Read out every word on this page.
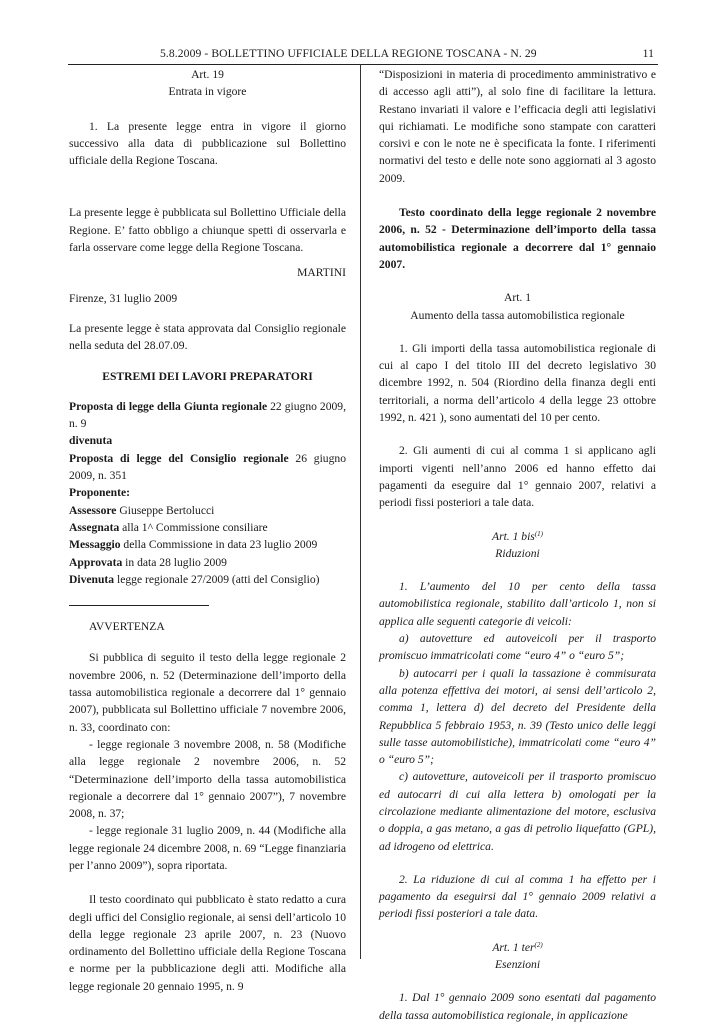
5.8.2009 - BOLLETTINO UFFICIALE DELLA REGIONE TOSCANA - N. 29	11

Art. 19

Entrata in vigore

1. La presente legge entra in vigore il giorno successivo alla data di pubblicazione sul Bollettino ufficiale della Regione Toscana.

La presente legge è pubblicata sul Bollettino Ufficiale della Regione. E’ fatto obbligo a chiunque spetti di osservarla e farla osservare come legge della Regione Toscana.

MARTINI

Firenze, 31 luglio 2009

La presente legge è stata approvata dal Consiglio regionale nella seduta del 28.07.09.

ESTREMI DEI LAVORI PREPARATORI

Proposta di legge della Giunta regionale 22 giugno 2009, n. 9

divenuta

Proposta di legge del Consiglio regionale 26 giugno 2009, n. 351

Proponente:

Assessore Giuseppe Bertolucci

Assegnata alla 1^ Commissione consiliare

Messaggio della Commissione in data 23 luglio 2009

Approvata in data 28 luglio 2009

Divenuta legge regionale 27/2009 (atti del Consiglio)

AVVERTENZA

Si pubblica di seguito il testo della legge regionale 2 novembre 2006, n. 52 (Determinazione dell’importo della tassa automobilistica regionale a decorrere dal 1° gennaio 2007), pubblicata sul Bollettino ufficiale 7 novembre 2006, n. 33, coordinato con:

- legge regionale 3 novembre 2008, n. 58 (Modifiche alla legge regionale 2 novembre 2006, n. 52 “Determinazione dell’importo della tassa automobilistica regionale a decorrere dal 1° gennaio 2007”), 7 novembre 2008, n. 37;

- legge regionale 31 luglio 2009, n. 44 (Modifiche alla legge regionale 24 dicembre 2008, n. 69 “Legge finanziaria per l’anno 2009”), sopra riportata.

Il testo coordinato qui pubblicato è stato redatto a cura degli uffici del Consiglio regionale, ai sensi dell’articolo 10 della legge regionale 23 aprile 2007, n. 23 (Nuovo ordinamento del Bollettino ufficiale della Regione Toscana e norme per la pubblicazione degli atti. Modifiche alla legge regionale 20 gennaio 1995, n. 9

“Disposizioni in materia di procedimento amministrativo e di accesso agli atti”), al solo fine di facilitare la lettura. Restano invariati il valore e l’efficacia degli atti legislativi qui richiamati. Le modifiche sono stampate con caratteri corsivi e con le note ne è specificata la fonte. I riferimenti normativi del testo e delle note sono aggiornati al 3 agosto 2009.

Testo coordinato della legge regionale 2 novembre 2006, n. 52 - Determinazione dell’importo della tassa automobilistica regionale a decorrere dal 1° gennaio 2007.

Art. 1

Aumento della tassa automobilistica regionale

1. Gli importi della tassa automobilistica regionale di cui al capo I del titolo III del decreto legislativo 30 dicembre 1992, n. 504 (Riordino della finanza degli enti territoriali, a norma dell’articolo 4 della legge 23 ottobre 1992, n. 421 ), sono aumentati del 10 per cento.

2. Gli aumenti di cui al comma 1 si applicano agli importi vigenti nell’anno 2006 ed hanno effetto dai pagamenti da eseguire dal 1° gennaio 2007, relativi a periodi fissi posteriori a tale data.

Art. 1 bis$^{(1)}$

Riduzioni

1. L’aumento del 10 per cento della tassa automobilistica regionale, stabilito dall’articolo 1, non si applica alle seguenti categorie di veicoli:

a) autovetture ed autoveicoli per il trasporto promiscuo immatricolati come “euro 4” o “euro 5”;

b) autocarri per i quali la tassazione è commisurata alla potenza effettiva dei motori, ai sensi dell’articolo 2, comma 1, lettera d) del decreto del Presidente della Repubblica 5 febbraio 1953, n. 39 (Testo unico delle leggi sulle tasse automobilistiche), immatricolati come “euro 4” o “euro 5”;

c) autovetture, autoveicoli per il trasporto promiscuo ed autocarri di cui alla lettera b) omologati per la circolazione mediante alimentazione del motore, esclusiva o doppia, a gas metano, a gas di petrolio liquefatto (GPL), ad idrogeno od elettrica.

2. La riduzione di cui al comma 1 ha effetto per i pagamento da eseguirsi dal 1° gennaio 2009 relativi a periodi fissi posteriori a tale data.

Art. 1 ter$^{(2)}$

Esenzioni

1. Dal 1° gennaio 2009 sono esentati dal pagamento della tassa automobilistica regionale, in applicazione
